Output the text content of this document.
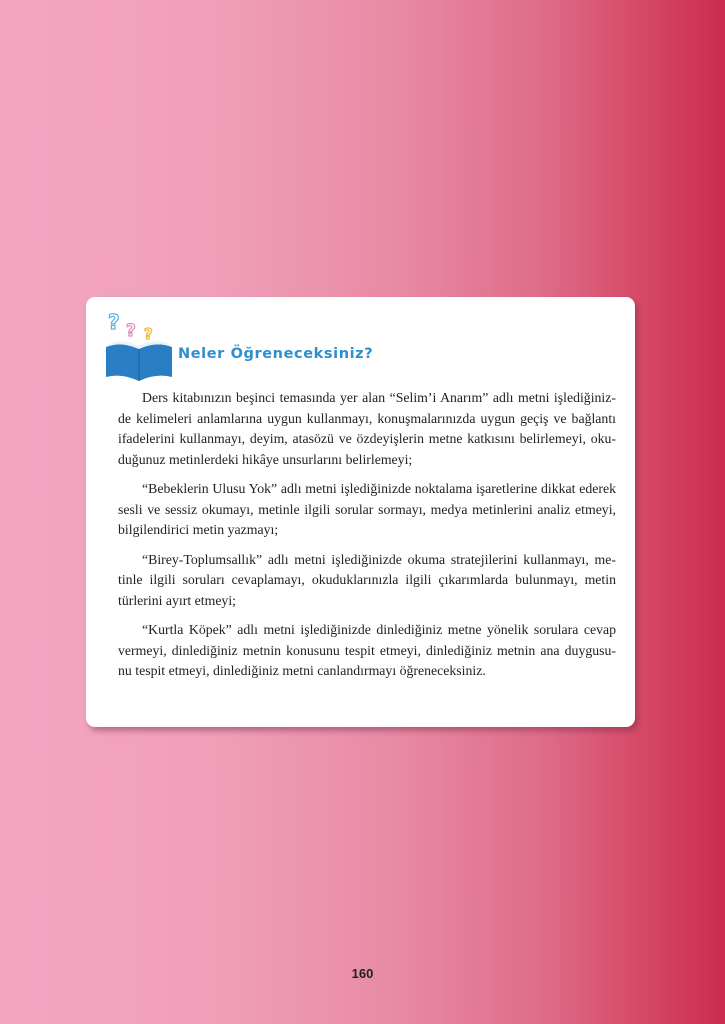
? ? ?
Neler Öğreneceksiniz?
Ders kitabınızın beşinci temasında yer alan “Selim’i Anarım” adlı metni işlediğiniz-
de kelimeleri anlamlarına uygun kullanmayı, konuşmalarınızda uygun geçiş ve bağlantı
ifadelerini kullanmayı, deyim, atasözü ve özdeyişlerin metne katkısını belirlemeyi, oku-
duğunuz metinlerdeki hikâye unsurlarını belirlemeyi;
“Bebeklerin Ulusu Yok” adlı metni işlediğinizde noktalama işaretlerine dikkat ederek
sesli ve sessiz okumayı, metinle ilgili sorular sormayı, medya metinlerini analiz etmeyi,
bilgilendirici metin yazmayı;
“Birey-Toplumsallık” adlı metni işlediğinizde okuma stratejilerini kullanmayı, me-
tinle ilgili soruları cevaplamayı, okuduklarınızla ilgili çıkarımlarda bulunmayı, metin
türlerini ayırt etmeyi;
“Kurtla Köpek” adlı metni işlediğinizde dinlediğiniz metne yönelik sorulara cevap
vermeyi, dinlediğiniz metnin konusunu tespit etmeyi, dinlediğiniz metnin ana duygusu-
nu tespit etmeyi, dinlediğiniz metni canlandırmayı öğreneceksiniz.
160
